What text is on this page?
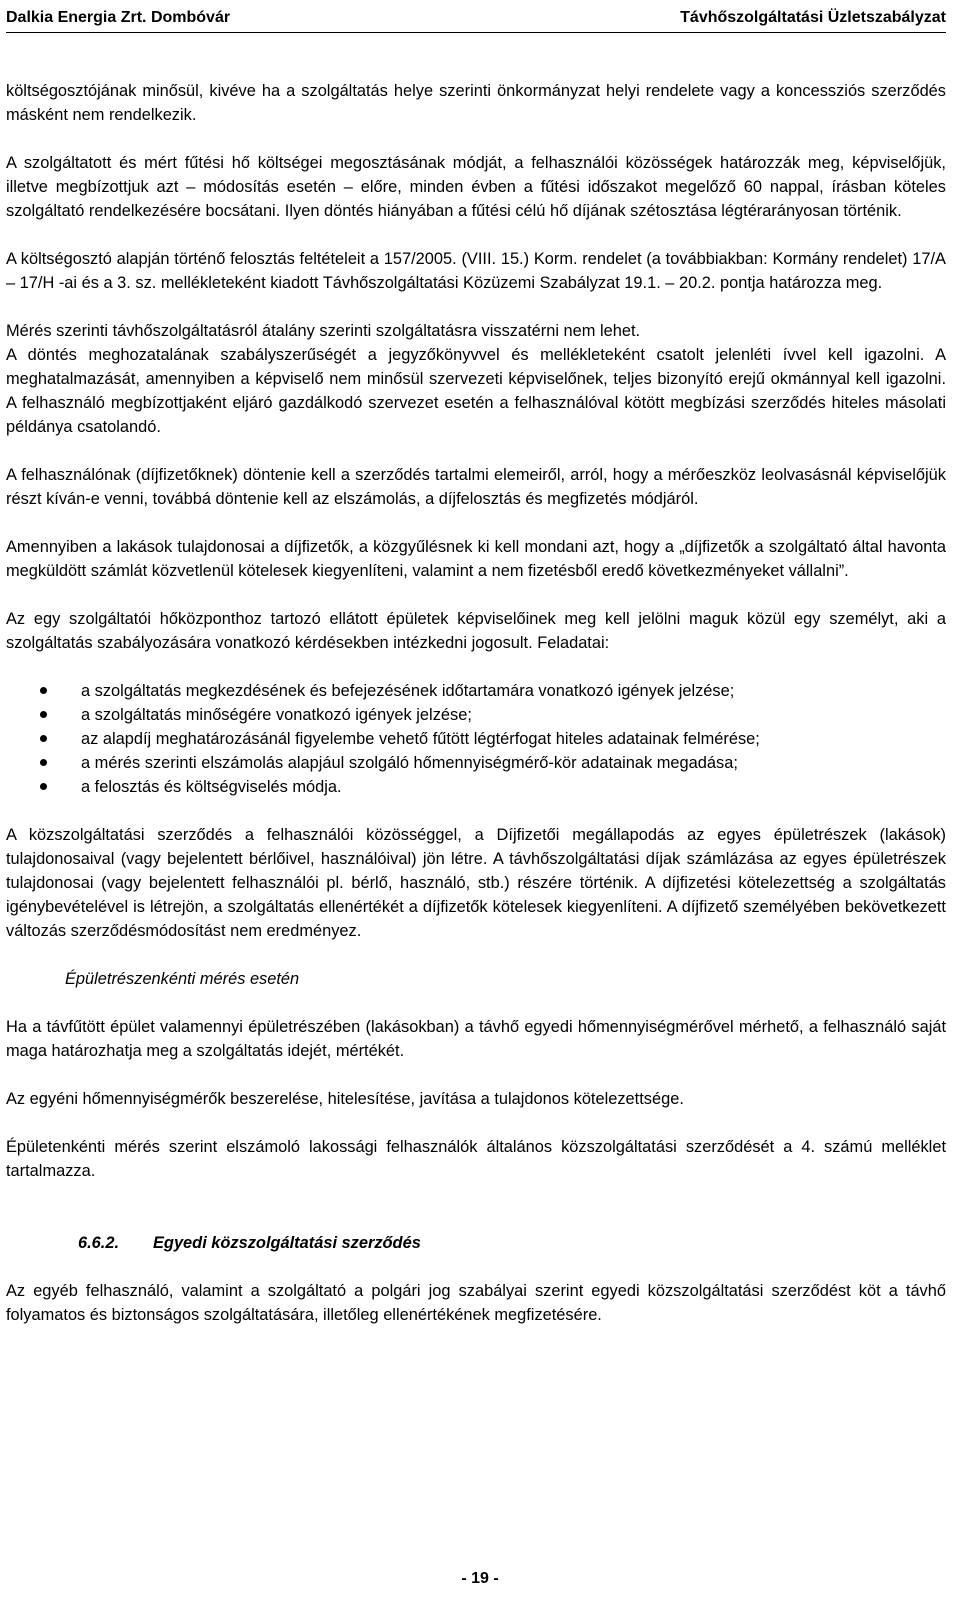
Dalkia Energia Zrt. Dombóvár	Távhőszolgáltatási Üzletszabályzat

költségosztójának minősül, kivéve ha a szolgáltatás helye szerinti önkormányzat helyi rendelete vagy a koncessziós szerződés másként nem rendelkezik.

A szolgáltatott és mért fűtési hő költségei megosztásának módját, a felhasználói közösségek határozzák meg, képviselőjük, illetve megbízottjuk azt – módosítás esetén – előre, minden évben a fűtési időszakot megelőző 60 nappal, írásban köteles szolgáltató rendelkezésére bocsátani. Ilyen döntés hiányában a fűtési célú hő díjának szétosztása légtérarányosan történik.

A költségosztó alapján történő felosztás feltételeit a 157/2005. (VIII. 15.) Korm. rendelet (a továbbiakban: Kormány rendelet) 17/A – 17/H -ai és a 3. sz. mellékleteként kiadott Távhőszolgáltatási Közüzemi Szabályzat 19.1. – 20.2. pontja határozza meg.

Mérés szerinti távhőszolgáltatásról átalány szerinti szolgáltatásra visszatérni nem lehet.

A döntés meghozatalának szabályszerűségét a jegyzőkönyvvel és mellékleteként csatolt jelenléti ívvel kell igazolni. A meghatalmazását, amennyiben a képviselő nem minősül szervezeti képviselőnek, teljes bizonyító erejű okmánnyal kell igazolni. A felhasználó megbízottjaként eljáró gazdálkodó szervezet esetén a felhasználóval kötött megbízási szerződés hiteles másolati példánya csatolandó.

A felhasználónak (díjfizetőknek) döntenie kell a szerződés tartalmi elemeiről, arról, hogy a mérőeszköz leolvasásnál képviselőjük részt kíván-e venni, továbbá döntenie kell az elszámolás, a díjfelosztás és megfizetés módjáról.

Amennyiben a lakások tulajdonosai a díjfizetők, a közgyűlésnek ki kell mondani azt, hogy a „díjfizetők a szolgáltató által havonta megküldött számlát közvetlenül kötelesek kiegyenlíteni, valamint a nem fizetésből eredő következményeket vállalni”.

Az egy szolgáltatói hőközponthoz tartozó ellátott épületek képviselőinek meg kell jelölni maguk közül egy személyt, aki a szolgáltatás szabályozására vonatkozó kérdésekben intézkedni jogosult. Feladatai:

a szolgáltatás megkezdésének és befejezésének időtartamára vonatkozó igények jelzése;
a szolgáltatás minőségére vonatkozó igények jelzése;
az alapdíj meghatározásánál figyelembe vehető fűtött légtérfogat hiteles adatainak felmérése;
a mérés szerinti elszámolás alapjául szolgáló hőmennyiségmérő-kör adatainak megadása;
a felosztás és költségviselés módja.

A közszolgáltatási szerződés a felhasználói közösséggel, a Díjfizetői megállapodás az egyes épületrészek (lakások) tulajdonosaival (vagy bejelentett bérlőivel, használóival) jön létre. A távhőszolgáltatási díjak számlázása az egyes épületrészek tulajdonosai (vagy bejelentett felhasználói pl. bérlő, használó, stb.) részére történik. A díjfizetési kötelezettség a szolgáltatás igénybevételével is létrejön, a szolgáltatás ellenértékét a díjfizetők kötelesek kiegyenlíteni. A díjfizető személyében bekövetkezett változás szerződésmódosítást nem eredményez.

Épületrészenkénti mérés esetén

Ha a távfűtött épület valamennyi épületrészében (lakásokban) a távhő egyedi hőmennyiségmérővel mérhető, a felhasználó saját maga határozhatja meg a szolgáltatás idejét, mértékét.

Az egyéni hőmennyiségmérők beszerelése, hitelesítése, javítása a tulajdonos kötelezettsége.

Épületenkénti mérés szerint elszámoló lakossági felhasználók általános közszolgáltatási szerződését a 4. számú melléklet tartalmazza.

6.6.2. Egyedi közszolgáltatási szerződés

Az egyéb felhasználó, valamint a szolgáltató a polgári jog szabályai szerint egyedi közszolgáltatási szerződést köt a távhő folyamatos és biztonságos szolgáltatására, illetőleg ellenértékének megfizetésére.

- 19 -
